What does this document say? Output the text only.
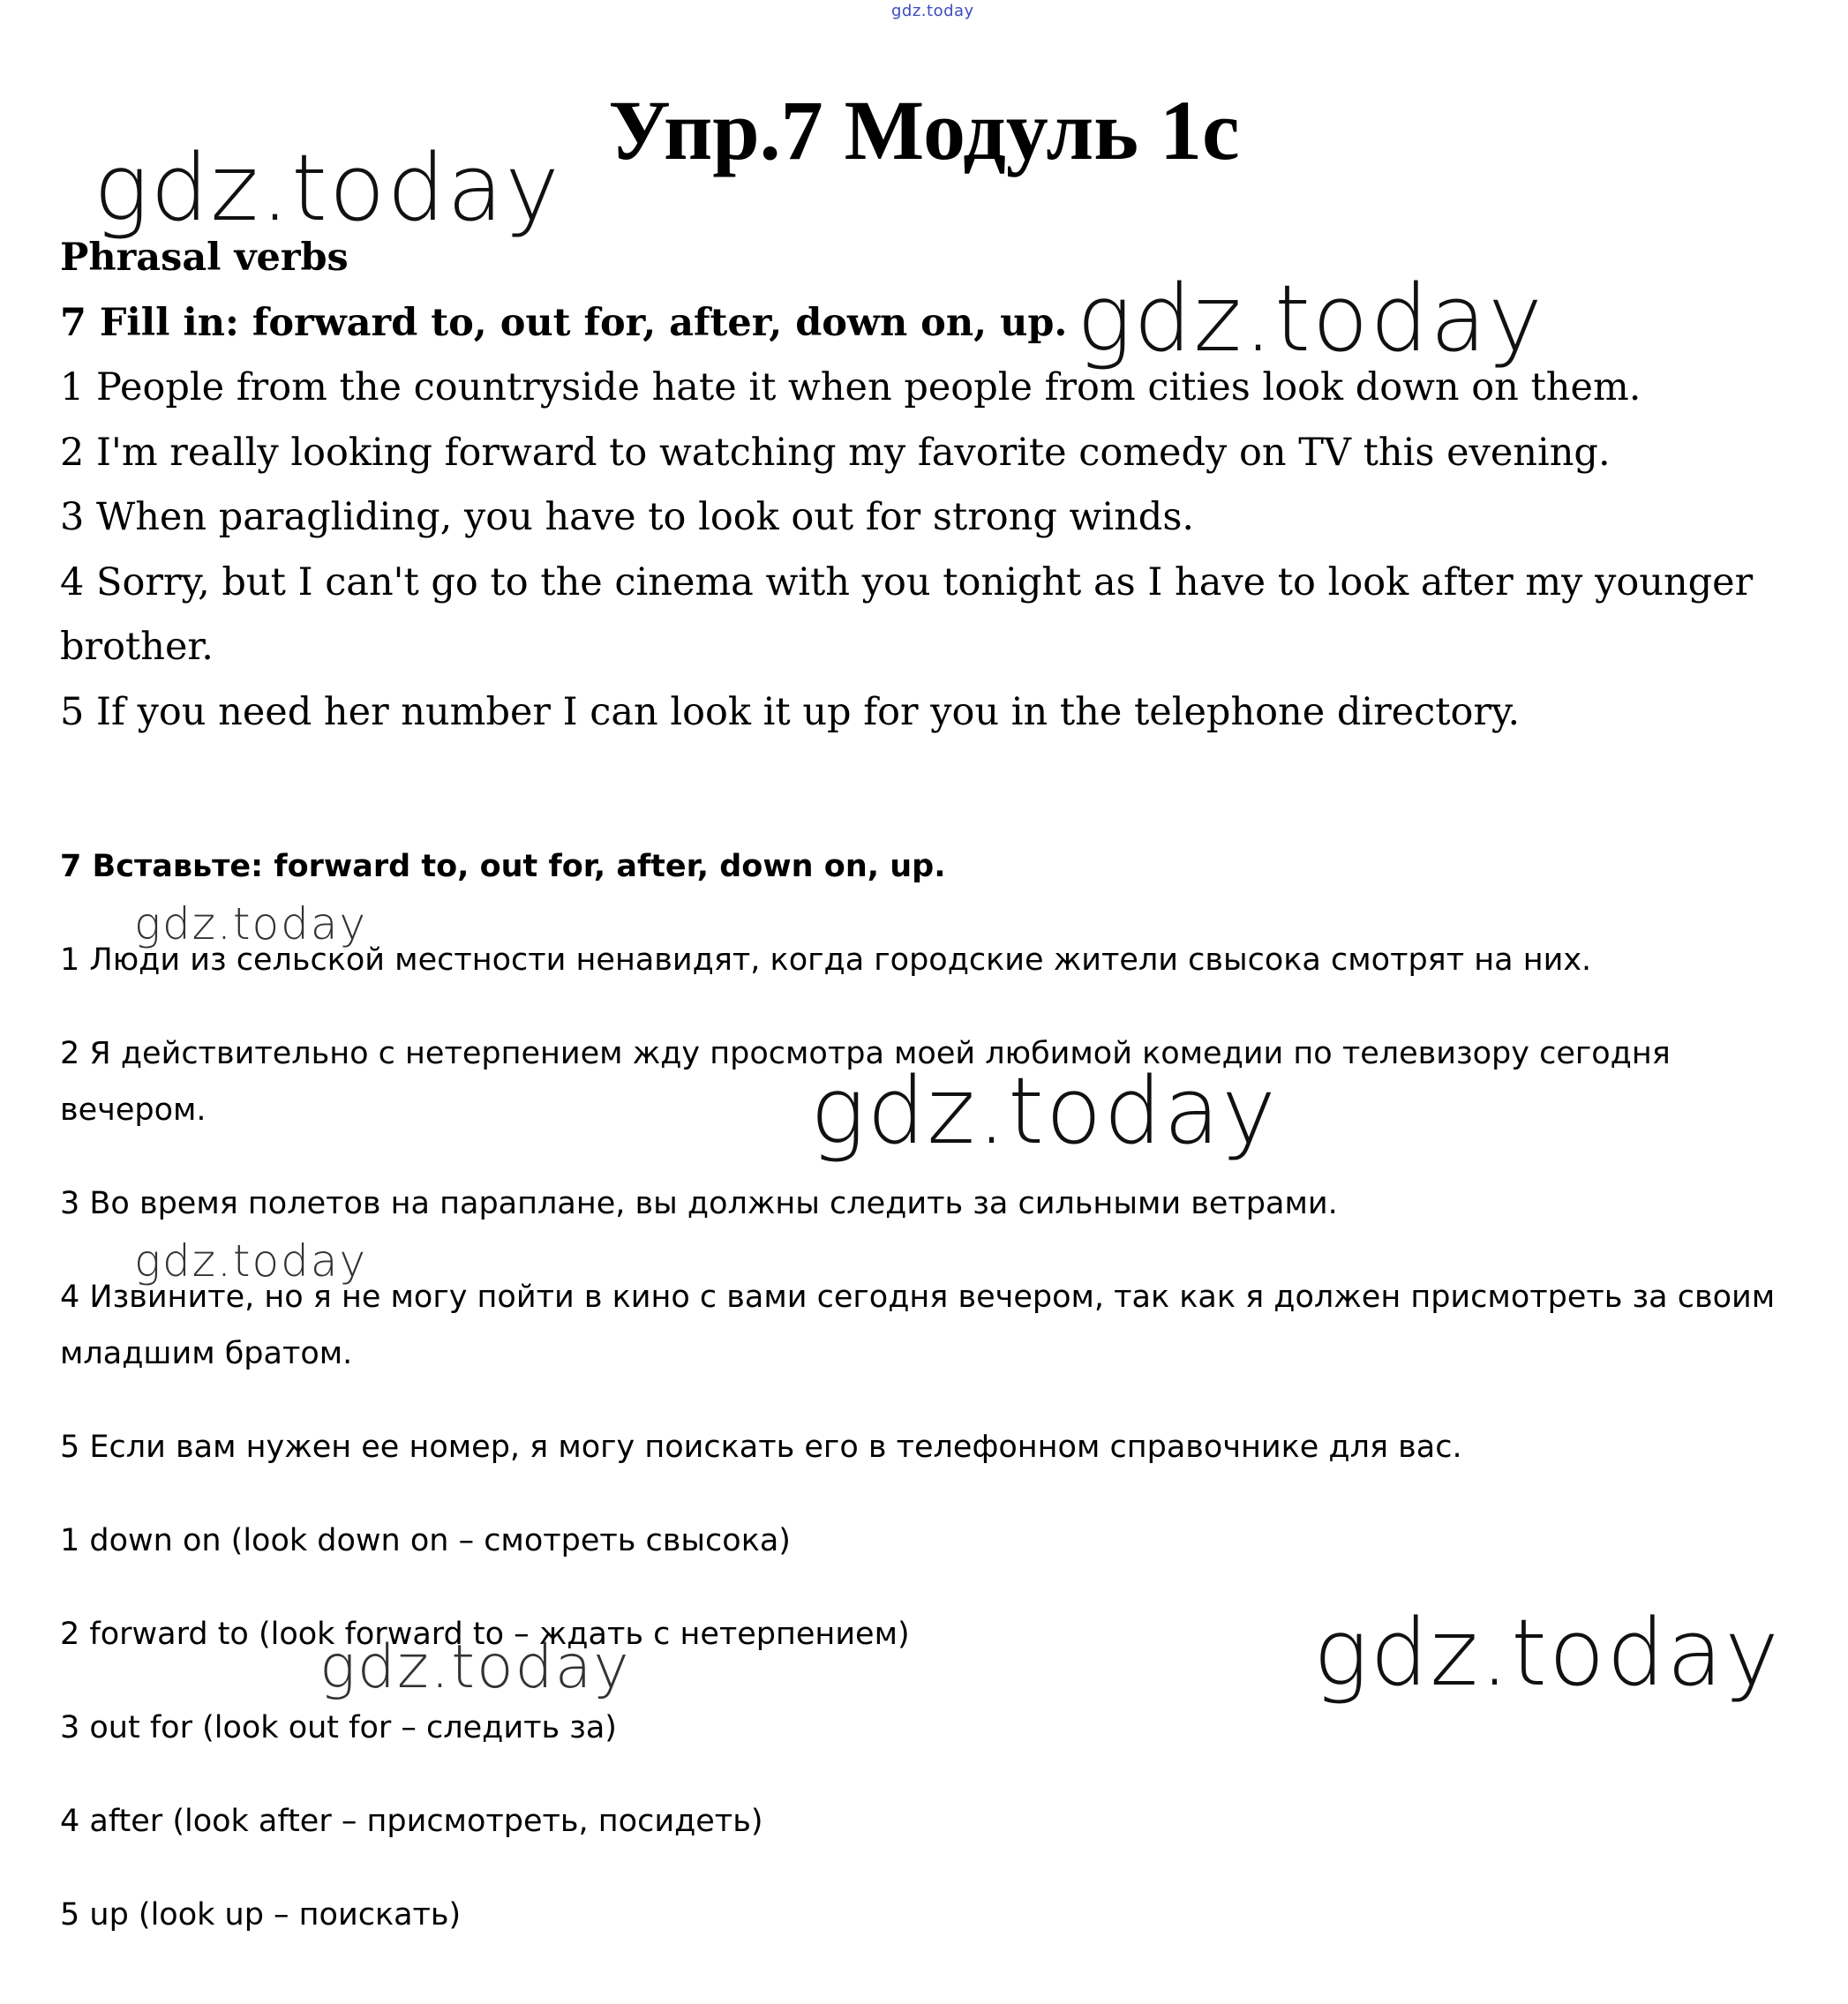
gdz.today
Упр.7 Модуль 1с

Phrasal verbs

7 Fill in: forward to, out for, after, down on, up.

1 People from the countryside hate it when people from cities look down on them.

2 I'm really looking forward to watching my favorite comedy on TV this evening.

3 When paragliding, you have to look out for strong winds.

4 Sorry, but I can't go to the cinema with you tonight as I have to look after my younger brother.

5 If you need her number I can look it up for you in the telephone directory.

7 Вставьте: forward to, out for, after, down on, up.

1 Люди из сельской местности ненавидят, когда городские жители свысока смотрят на них.

2 Я действительно с нетерпением жду просмотра моей любимой комедии по телевизору сегодня вечером.

3 Во время полетов на параплане, вы должны следить за сильными ветрами.

4 Извините, но я не могу пойти в кино с вами сегодня вечером, так как я должен присмотреть за своим младшим братом.

5 Если вам нужен ее номер, я могу поискать его в телефонном справочнике для вас.

1 down on (look down on – смотреть свысока)

2 forward to (look forward to – ждать с нетерпением)

3 out for (look out for – следить за)

4 after (look after – присмотреть, посидеть)

5 up (look up – поискать)

gdz.today
gdz.today
gdz.today
gdz.today
gdz.today
gdz.today
gdz.today
